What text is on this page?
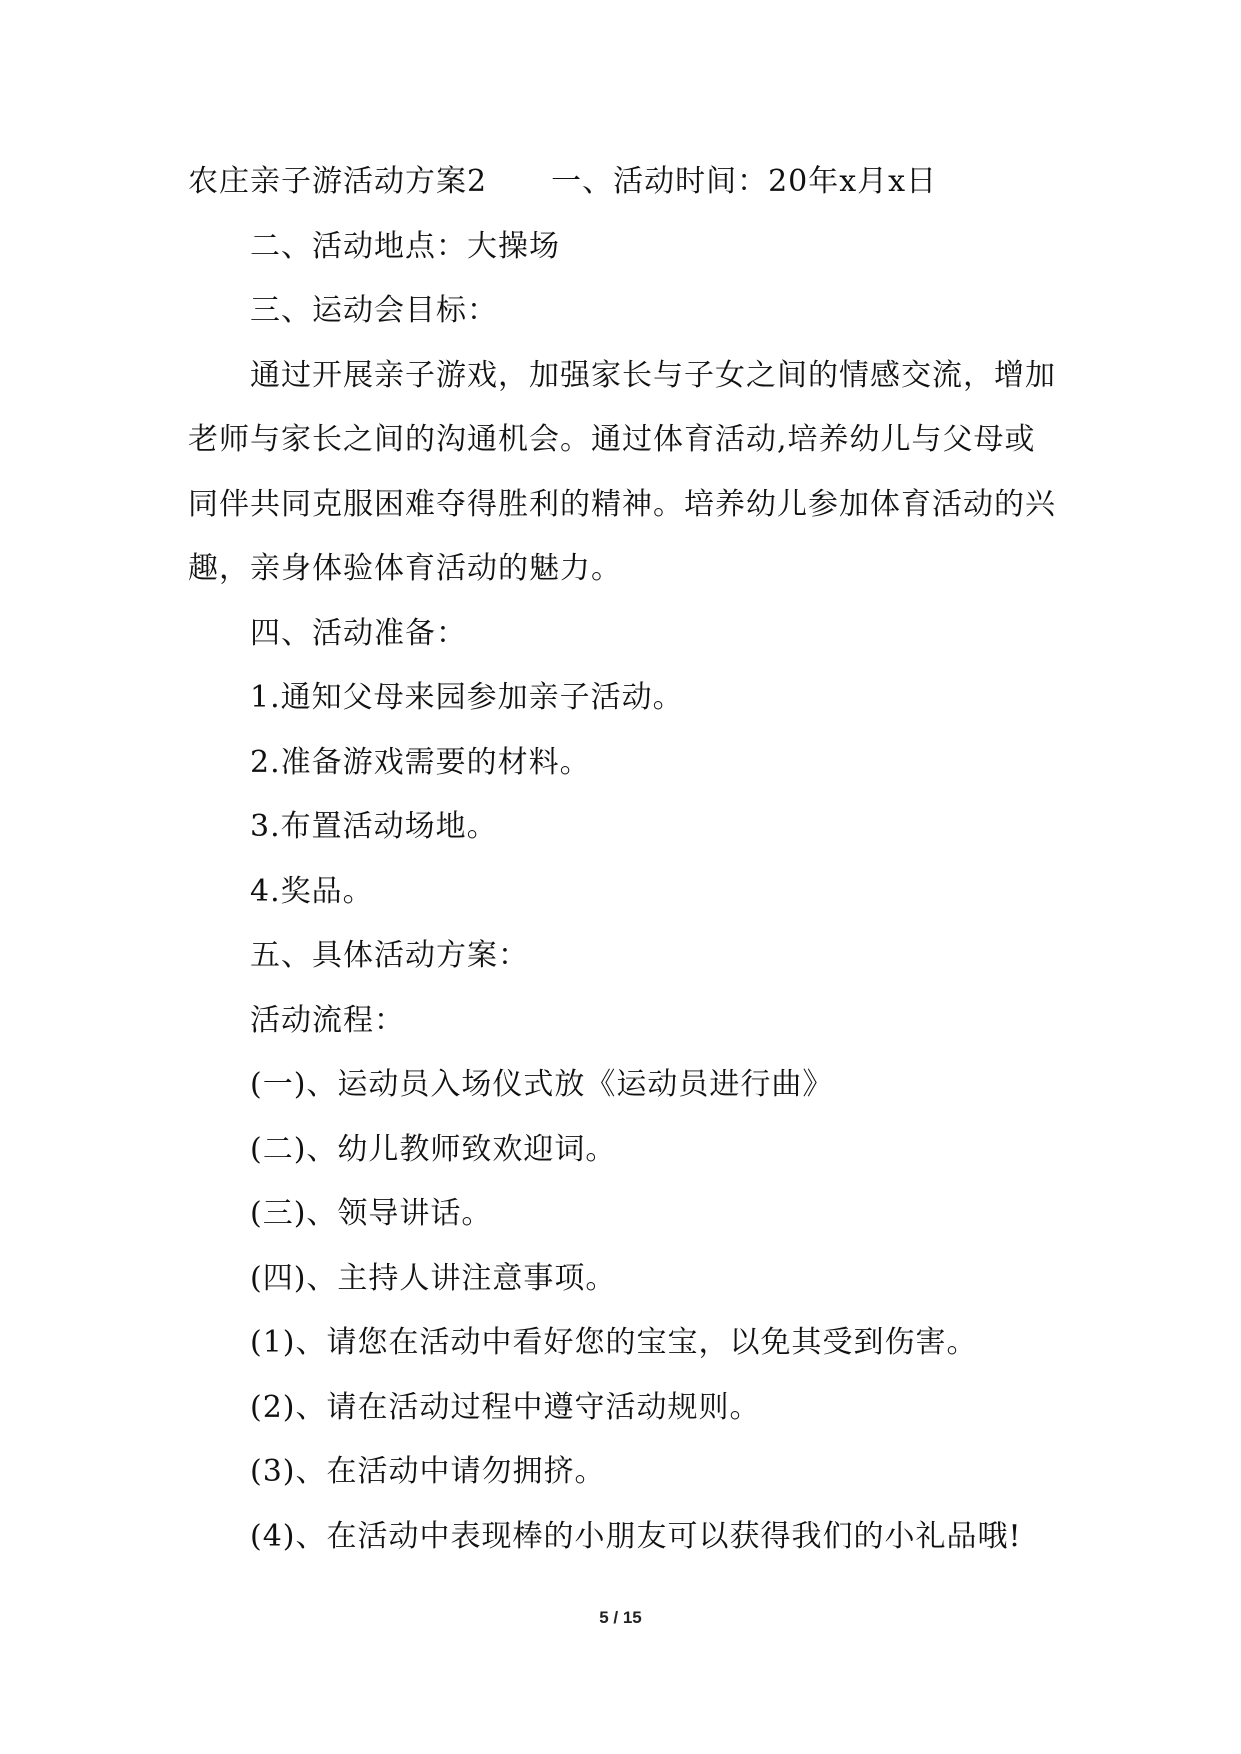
农庄亲子游活动方案2 一、活动时间：20年x月x日
二、活动地点：大操场
三、运动会目标：
通过开展亲子游戏，加强家长与子女之间的情感交流，增加
老师与家长之间的沟通机会。通过体育活动,培养幼儿与父母或
同伴共同克服困难夺得胜利的精神。培养幼儿参加体育活动的兴
趣，亲身体验体育活动的魅力。
四、活动准备：
1.通知父母来园参加亲子活动。
2.准备游戏需要的材料。
3.布置活动场地。
4.奖品。
五、具体活动方案：
活动流程：
(一)、运动员入场仪式放《运动员进行曲》
(二)、幼儿教师致欢迎词。
(三)、领导讲话。
(四)、主持人讲注意事项。
(1)、请您在活动中看好您的宝宝，以免其受到伤害。
(2)、请在活动过程中遵守活动规则。
(3)、在活动中请勿拥挤。
(4)、在活动中表现棒的小朋友可以获得我们的小礼品哦!
5 / 15
